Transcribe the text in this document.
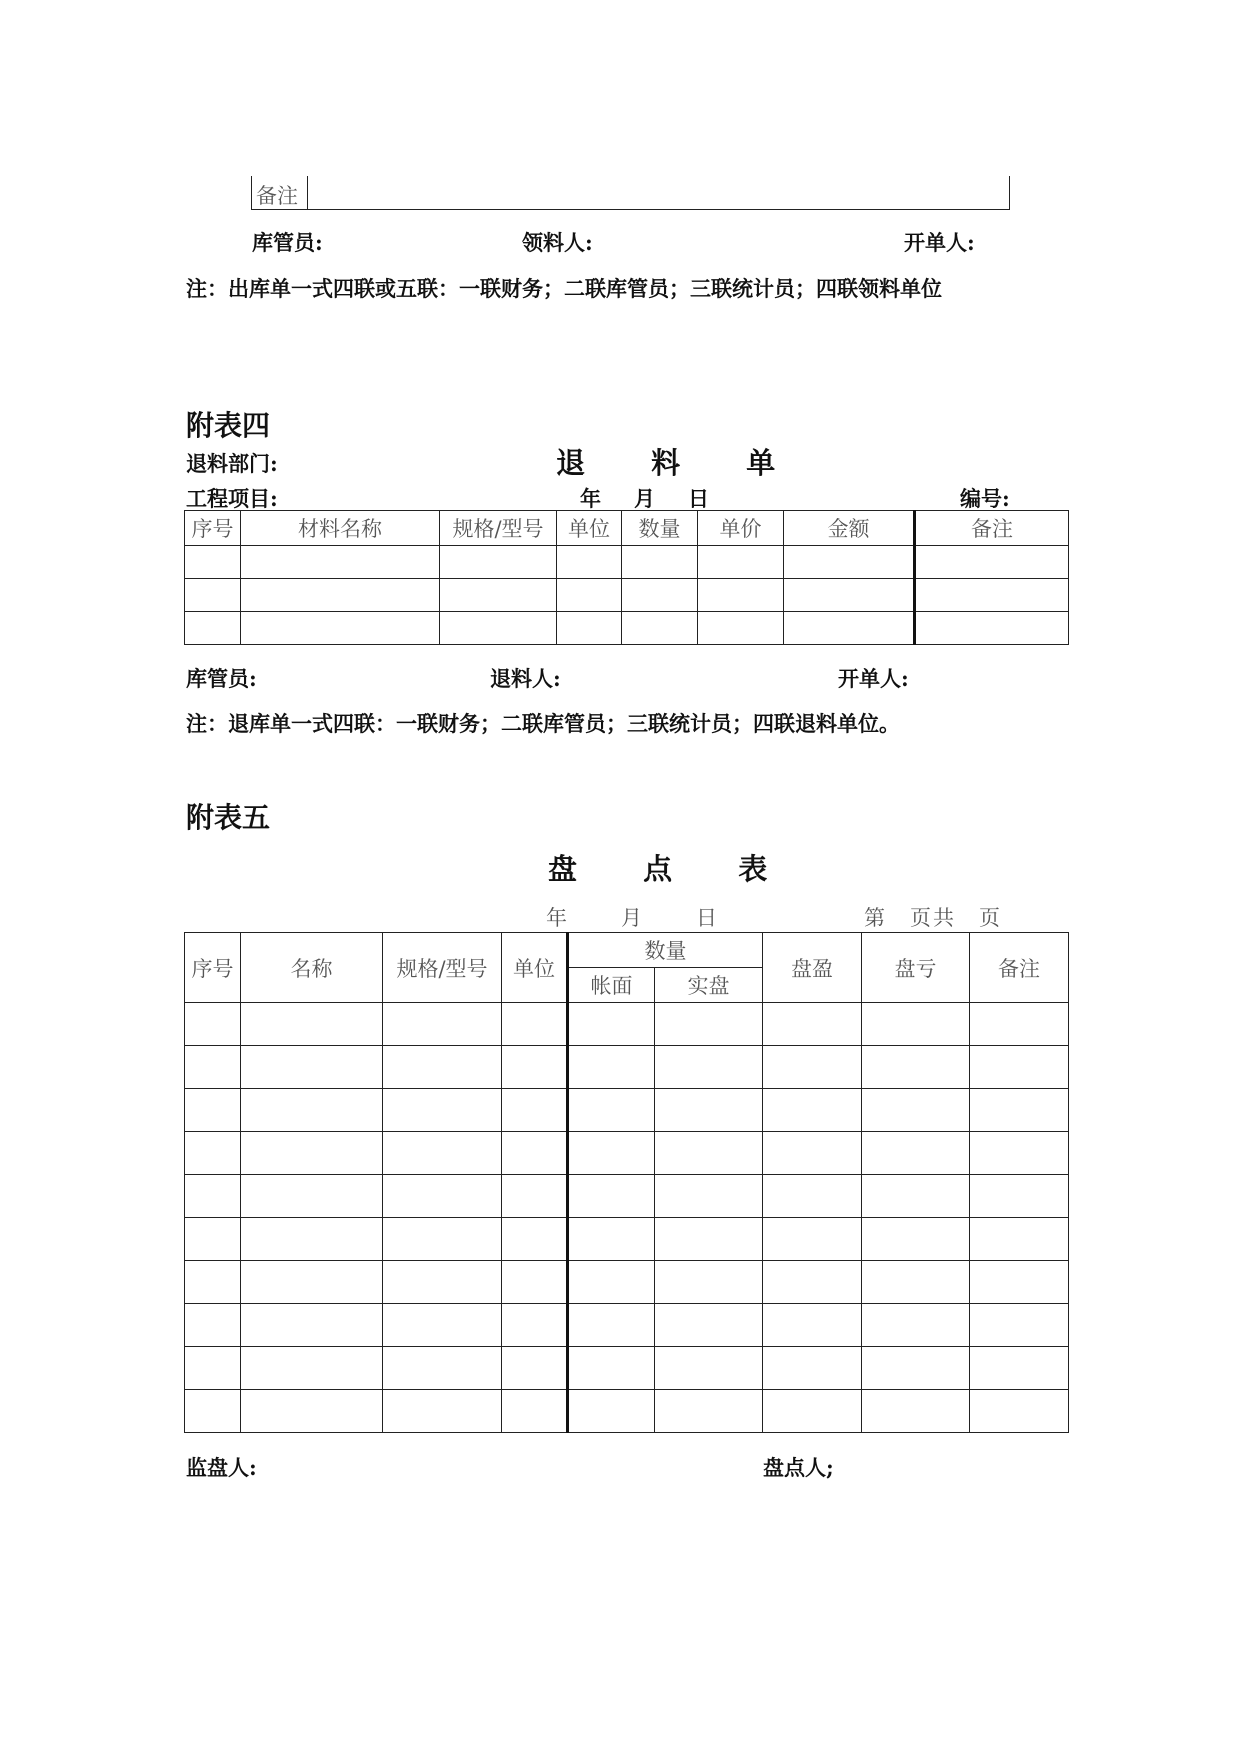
备注
库管员:	领料人:	开单人:
注：出库单一式四联或五联：一联财务；二联库管员；三联统计员；四联领料单位
附表四
退料部门:	退 料 单
工程项目:	年　月　日	编号:
序号	材料名称	规格/型号	单位	数量	单价	金额	备注

库管员:	退料人:	开单人:
注：退库单一式四联：一联财务；二联库管员；三联统计员；四联退料单位。
附表五
盘 点 表
年　　月　　日	第　页共　页
序号	名称	规格/型号	单位	数量		盘盈	盘亏	备注
				帐面	实盘			

监盘人:	盘点人;
